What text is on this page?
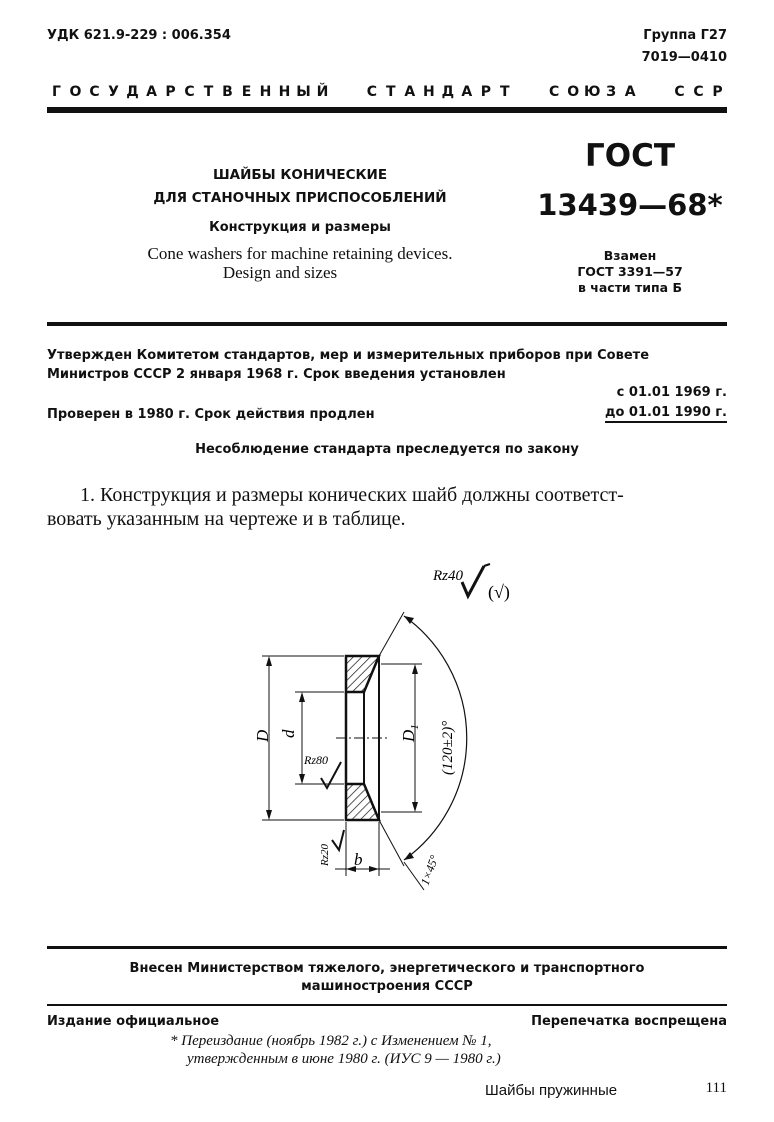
УДК 621.9-229 : 006.354	Группа Г27
7019—0410
Г О С У Д А Р С Т В Е Н Н Ы Й	С Т А Н Д А Р Т	С О Ю З А	С С Р
ШАЙБЫ КОНИЧЕСКИЕ
ДЛЯ СТАНОЧНЫХ ПРИСПОСОБЛЕНИЙ
Конструкция и размеры
Cone washers for machine retaining devices.
Design and sizes
ГОСТ
13439—68*
Взамен
ГОСТ 3391—57
в части типа Б
Утвержден Комитетом стандартов, мер и измерительных приборов при Совете
Министров СССР 2 января 1968 г. Срок введения установлен
с 01.01 1969 г.
Проверен в 1980 г. Срок действия продлен	до 01.01 1990 г.
Несоблюдение стандарта преследуется по закону
1. Конструкция и размеры конических шайб должны соответст-
вовать указанным на чертеже и в таблице.
Rz40
(√)
D d
Rz80
$D_1$ (120±2)°
1×45°
b
Rz20
Внесен Министерством тяжелого, энергетического и транспортного
машиностроения СССР
Издание официальное	Перепечатка воспрещена
* Переиздание (ноябрь 1982 г.) с Изменением № 1,
утвержденным в июне 1980 г. (ИУС 9 — 1980 г.)
Шайбы пружинные	111
